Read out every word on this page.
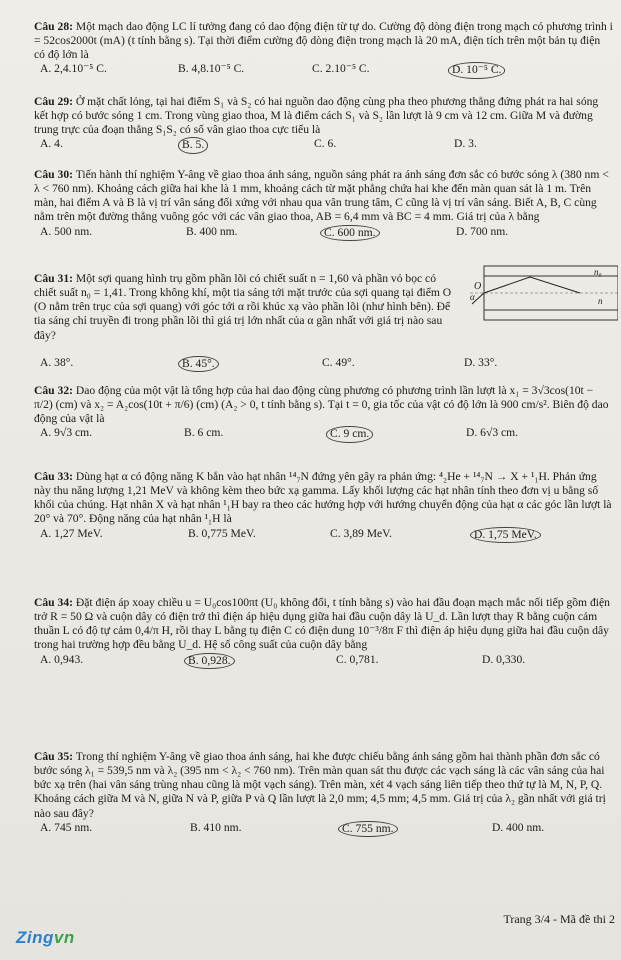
Câu 28: Một mạch dao động LC lí tưởng đang có dao động điện từ tự do. Cường độ dòng điện trong mạch có phương trình i = 52cos2000t (mA) (t tính bằng s). Tại thời điểm cường độ dòng điện trong mạch là 20 mA, điện tích trên một bản tụ điện có độ lớn là

A. 2,4.10⁻⁵ C.	B. 4,8.10⁻⁵ C.	C. 2.10⁻⁵ C.	D. 10⁻⁵ C.

Câu 29: Ở mặt chất lỏng, tại hai điểm S₁ và S₂ có hai nguồn dao động cùng pha theo phương thẳng đứng phát ra hai sóng kết hợp có bước sóng 1 cm. Trong vùng giao thoa, M là điểm cách S₁ và S₂ lần lượt là 9 cm và 12 cm. Giữa M và đường trung trực của đoạn thẳng S₁S₂ có số vân giao thoa cực tiểu là

A. 4.	B. 5.	C. 6.	D. 3.

Câu 30: Tiến hành thí nghiệm Y-âng về giao thoa ánh sáng, nguồn sáng phát ra ánh sáng đơn sắc có bước sóng λ (380 nm < λ < 760 nm). Khoảng cách giữa hai khe là 1 mm, khoảng cách từ mặt phẳng chứa hai khe đến màn quan sát là 1 m. Trên màn, hai điểm A và B là vị trí vân sáng đối xứng với nhau qua vân trung tâm, C cũng là vị trí vân sáng. Biết A, B, C cùng nằm trên một đường thẳng vuông góc với các vân giao thoa, AB = 6,4 mm và BC = 4 mm. Giá trị của λ bằng

A. 500 nm.	B. 400 nm.	C. 600 nm.	D. 700 nm.

Câu 31: Một sợi quang hình trụ gồm phần lõi có chiết suất n = 1,60 và phần vỏ bọc có chiết suất n₀ = 1,41. Trong không khí, một tia sáng tới mặt trước của sợi quang tại điểm O (O nằm trên trục của sợi quang) với góc tới α rồi khúc xạ vào phần lõi (như hình bên). Để tia sáng chỉ truyền đi trong phần lõi thì giá trị lớn nhất của α gần nhất với giá trị nào sau đây?

A. 38°.	B. 45°.	C. 49°.	D. 33°.
n₀
n
O
α

Câu 32: Dao động của một vật là tổng hợp của hai dao động cùng phương có phương trình lần lượt là x₁ = 3√3cos(10t − π/2) (cm) và x₂ = A₂cos(10t + π/6) (cm) (A₂ > 0, t tính bằng s). Tại t = 0, gia tốc của vật có độ lớn là 900 cm/s². Biên độ dao động của vật là

A. 9√3 cm.	B. 6 cm.	C. 9 cm.	D. 6√3 cm.

Câu 33: Dùng hạt α có động năng K bắn vào hạt nhân ¹⁴₇N đứng yên gây ra phản ứng: ⁴₂He + ¹⁴₇N → X + ¹₁H. Phản ứng này thu năng lượng 1,21 MeV và không kèm theo bức xạ gamma. Lấy khối lượng các hạt nhân tính theo đơn vị u bằng số khối của chúng. Hạt nhân X và hạt nhân ¹₁H bay ra theo các hướng hợp với hướng chuyển động của hạt α các góc lần lượt là 20° và 70°. Động năng của hạt nhân ¹₁H là

A. 1,27 MeV.	B. 0,775 MeV.	C. 3,89 MeV.	D. 1,75 MeV.

Câu 34: Đặt điện áp xoay chiều u = U₀cos100πt (U₀ không đổi, t tính bằng s) vào hai đầu đoạn mạch mắc nối tiếp gồm điện trở R = 50 Ω và cuộn dây có điện trở thì điện áp hiệu dụng giữa hai đầu cuộn dây là U_d. Lần lượt thay R bằng cuộn cảm thuần L có độ tự cảm 0,4/π H, rồi thay L bằng tụ điện C có điện dung 10⁻³/8π F thì điện áp hiệu dụng giữa hai đầu cuộn dây trong hai trường hợp đều bằng U_d. Hệ số công suất của cuộn dây bằng

A. 0,943.	B. 0,928.	C. 0,781.	D. 0,330.

Câu 35: Trong thí nghiệm Y-âng về giao thoa ánh sáng, hai khe được chiếu bằng ánh sáng gồm hai thành phần đơn sắc có bước sóng λ₁ = 539,5 nm và λ₂ (395 nm < λ₂ < 760 nm). Trên màn quan sát thu được các vạch sáng là các vân sáng của hai bức xạ trên (hai vân sáng trùng nhau cũng là một vạch sáng). Trên màn, xét 4 vạch sáng liên tiếp theo thứ tự là M, N, P, Q. Khoảng cách giữa M và N, giữa N và P, giữa P và Q lần lượt là 2,0 mm; 4,5 mm; 4,5 mm. Giá trị của λ₂ gần nhất với giá trị nào sau đây?

A. 745 nm.	B. 410 nm.	C. 755 nm.	D. 400 nm.
Trang 3/4 - Mã đề thi 2
Zingvn
